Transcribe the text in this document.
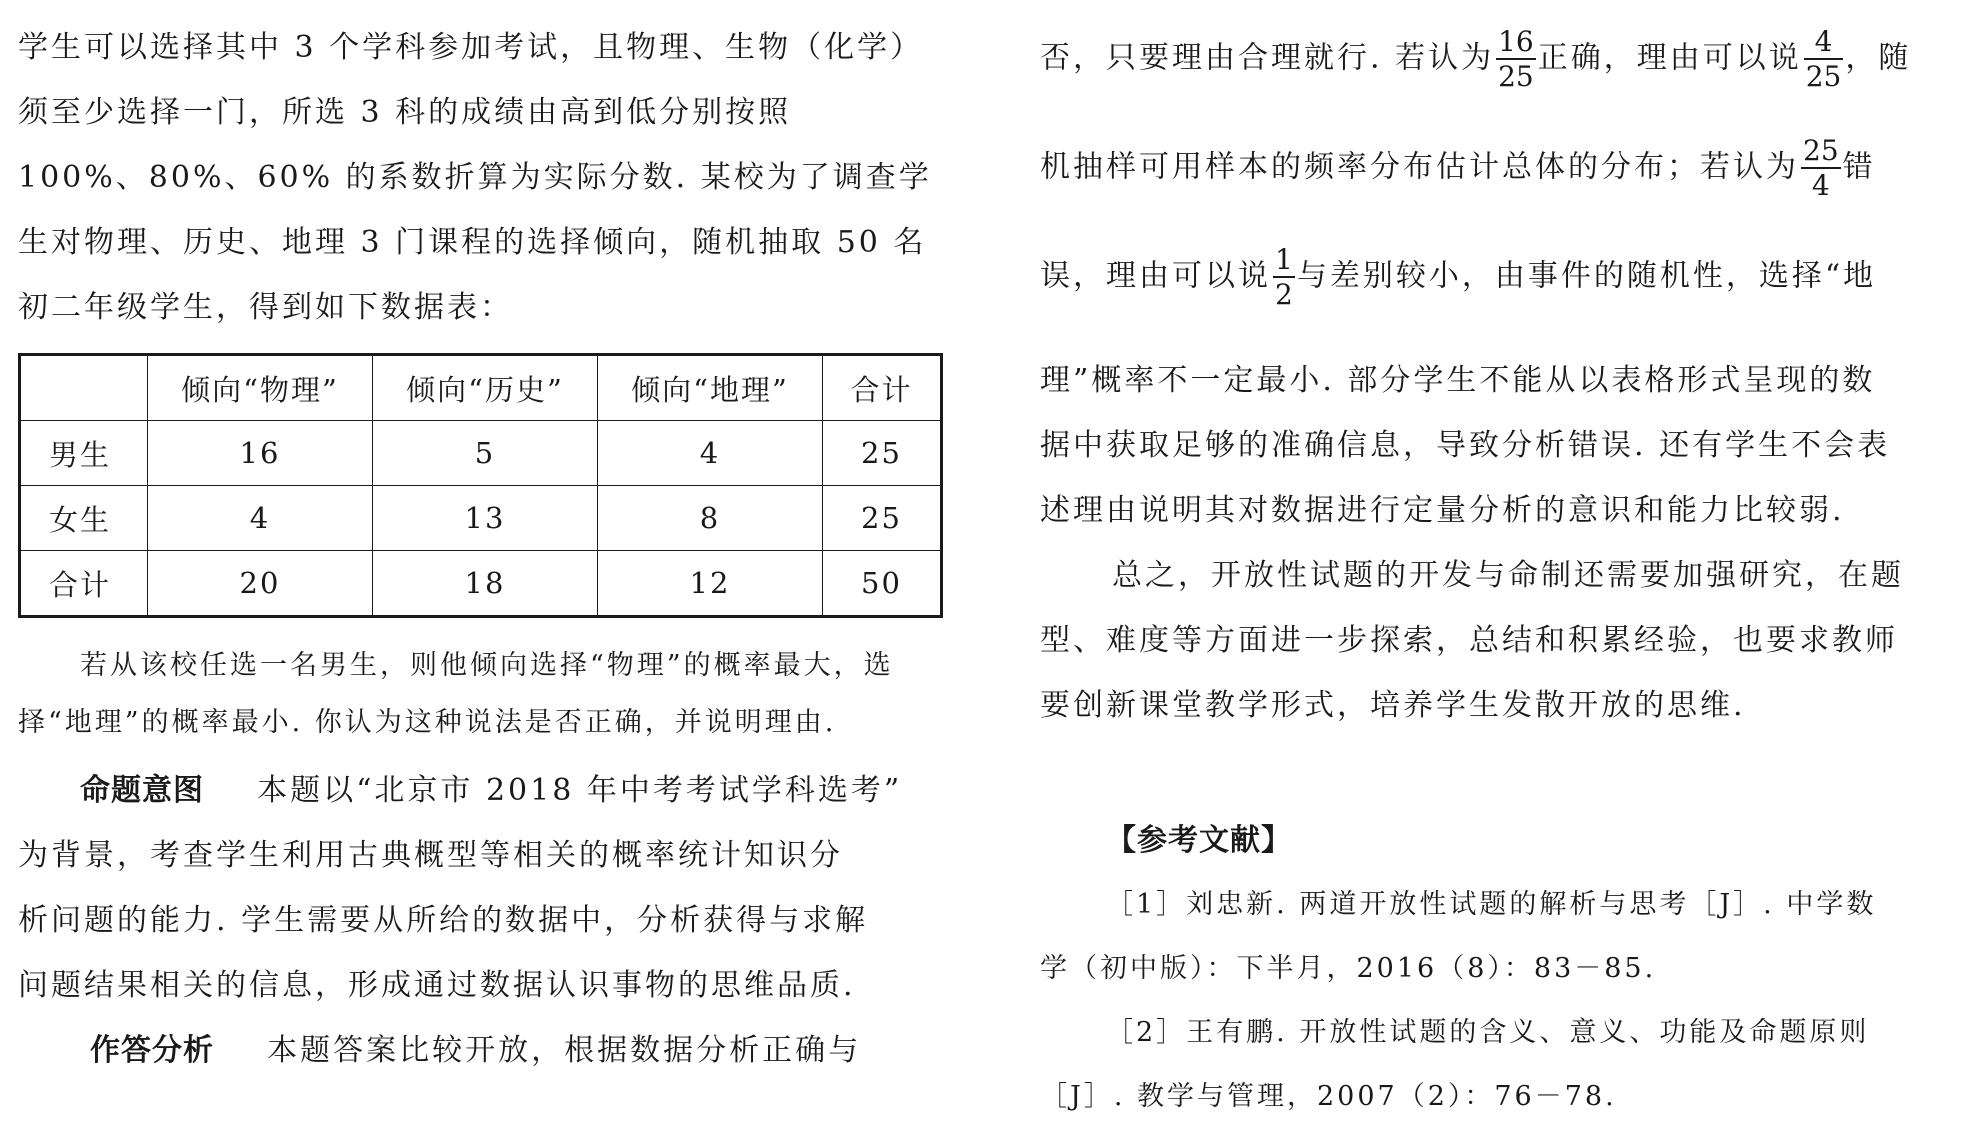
学生可以选择其中 3 个学科参加考试，且物理、生物（化学）
须至少选择一门，所选 3 科的成绩由高到低分别按照
100%、80%、60% 的系数折算为实际分数. 某校为了调查学
生对物理、历史、地理 3 门课程的选择倾向，随机抽取 50 名
初二年级学生，得到如下数据表：
	倾向“物理”	倾向“历史”	倾向“地理”	合计
男生	16	5	4	25
女生	4	13	8	25
合计	20	18	12	50
若从该校任选一名男生，则他倾向选择“物理”的概率最大，选
择“地理”的概率最小. 你认为这种说法是否正确，并说明理由.
命题意图 本题以“北京市 2018 年中考考试学科选考”
为背景，考查学生利用古典概型等相关的概率统计知识分
析问题的能力. 学生需要从所给的数据中，分析获得与求解
问题结果相关的信息，形成通过数据认识事物的思维品质.
作答分析 本题答案比较开放，根据数据分析正确与
否，只要理由合理就行. 若认为 $\frac{16}{25}$ 正确，理由可以说 $\frac{4}{25}$ ，随
机抽样可用样本的频率分布估计总体的分布；若认为 $\frac{25}{4}$ 错
误，理由可以说 $\frac{1}{2}$ 与差别较小，由事件的随机性，选择“地
理”概率不一定最小. 部分学生不能从以表格形式呈现的数
据中获取足够的准确信息，导致分析错误. 还有学生不会表
述理由说明其对数据进行定量分析的意识和能力比较弱.
总之，开放性试题的开发与命制还需要加强研究，在题
型、难度等方面进一步探索，总结和积累经验，也要求教师
要创新课堂教学形式，培养学生发散开放的思维.
【参考文献】
［1］刘忠新. 两道开放性试题的解析与思考［J］. 中学数
学（初中版）：下半月，2016（8）：83－85.
［2］王有鹏. 开放性试题的含义、意义、功能及命题原则
［J］. 教学与管理，2007（2）：76－78.
